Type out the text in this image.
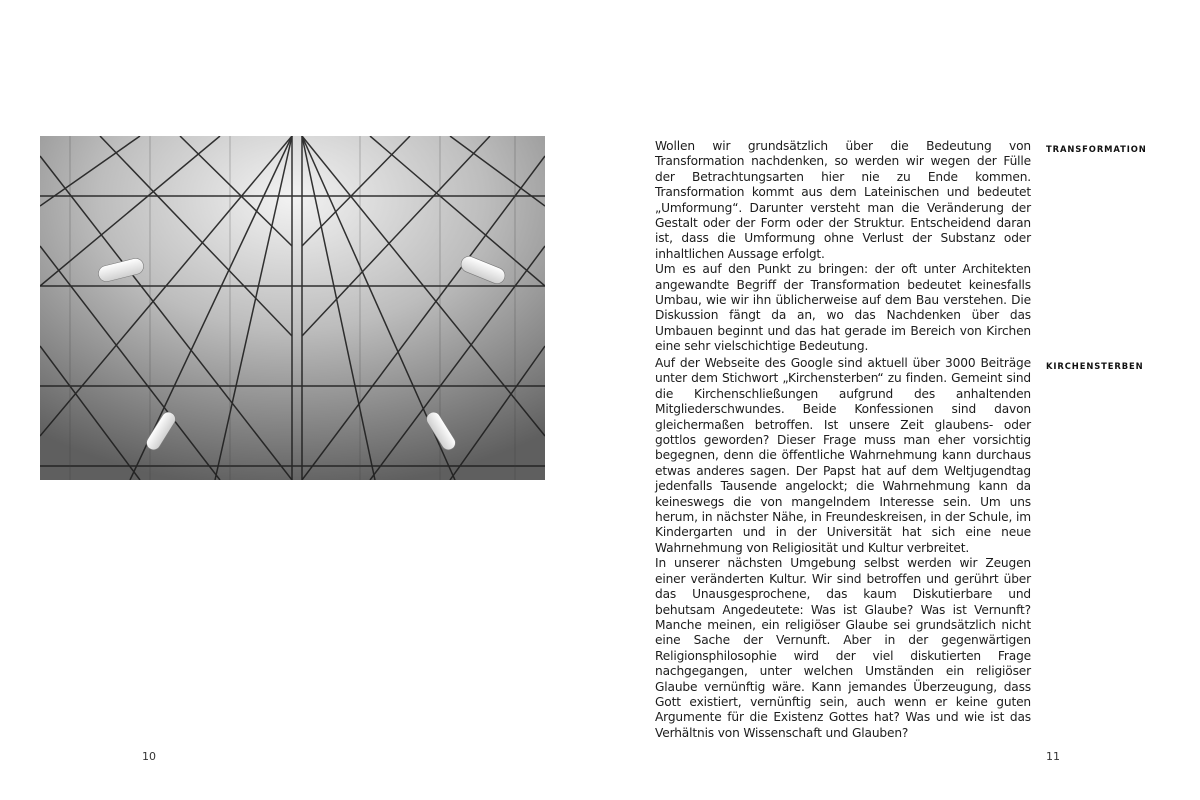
10
TRANSFORMATION

Wollen wir grundsätzlich über die Bedeutung von Transformation nachdenken, so werden wir wegen der Fülle der Betrachtungsarten hier nie zu Ende kommen. Transformation kommt aus dem Lateinischen und bedeutet „Umformung“. Darunter versteht man die Veränderung der Gestalt oder der Form oder der Struktur. Entscheidend daran ist, dass die Umformung ohne Verlust der Substanz oder inhaltlichen Aussage erfolgt.

Um es auf den Punkt zu bringen: der oft unter Architekten angewandte Begriff der Transformation bedeutet keinesfalls Umbau, wie wir ihn üblicherweise auf dem Bau verstehen. Die Diskussion fängt da an, wo das Nachdenken über das Umbauen beginnt und das hat gerade im Bereich von Kirchen eine sehr vielschichtige Bedeutung.

KIRCHENSTERBEN

Auf der Webseite des Google sind aktuell über 3000 Beiträge unter dem Stichwort „Kirchensterben“ zu finden. Gemeint sind die Kirchenschließungen aufgrund des anhaltenden Mitgliederschwundes. Beide Konfessionen sind davon gleichermaßen betroffen. Ist unsere Zeit glaubens- oder gottlos geworden? Dieser Frage muss man eher vorsichtig begegnen, denn die öffentliche Wahrnehmung kann durchaus etwas anderes sagen. Der Papst hat auf dem Weltjugendtag jedenfalls Tausende angelockt; die Wahrnehmung kann da keineswegs die von mangelndem Interesse sein. Um uns herum, in nächster Nähe, in Freundeskreisen, in der Schule, im Kindergarten und in der Universität hat sich eine neue Wahrnehmung von Religiosität und Kultur verbreitet.

In unserer nächsten Umgebung selbst werden wir Zeugen einer veränderten Kultur. Wir sind betroffen und gerührt über das Unausgesprochene, das kaum Diskutierbare und behutsam Angedeutete: Was ist Glaube? Was ist Vernunft? Manche meinen, ein religiöser Glaube sei grundsätzlich nicht eine Sache der Vernunft. Aber in der gegenwärtigen Religionsphilosophie wird der viel diskutierten Frage nachgegangen, unter welchen Umständen ein religiöser Glaube vernünftig wäre. Kann jemandes Überzeugung, dass Gott existiert, vernünftig sein, auch wenn er keine guten Argumente für die Existenz Gottes hat? Was und wie ist das Verhältnis von Wissenschaft und Glauben?

11
